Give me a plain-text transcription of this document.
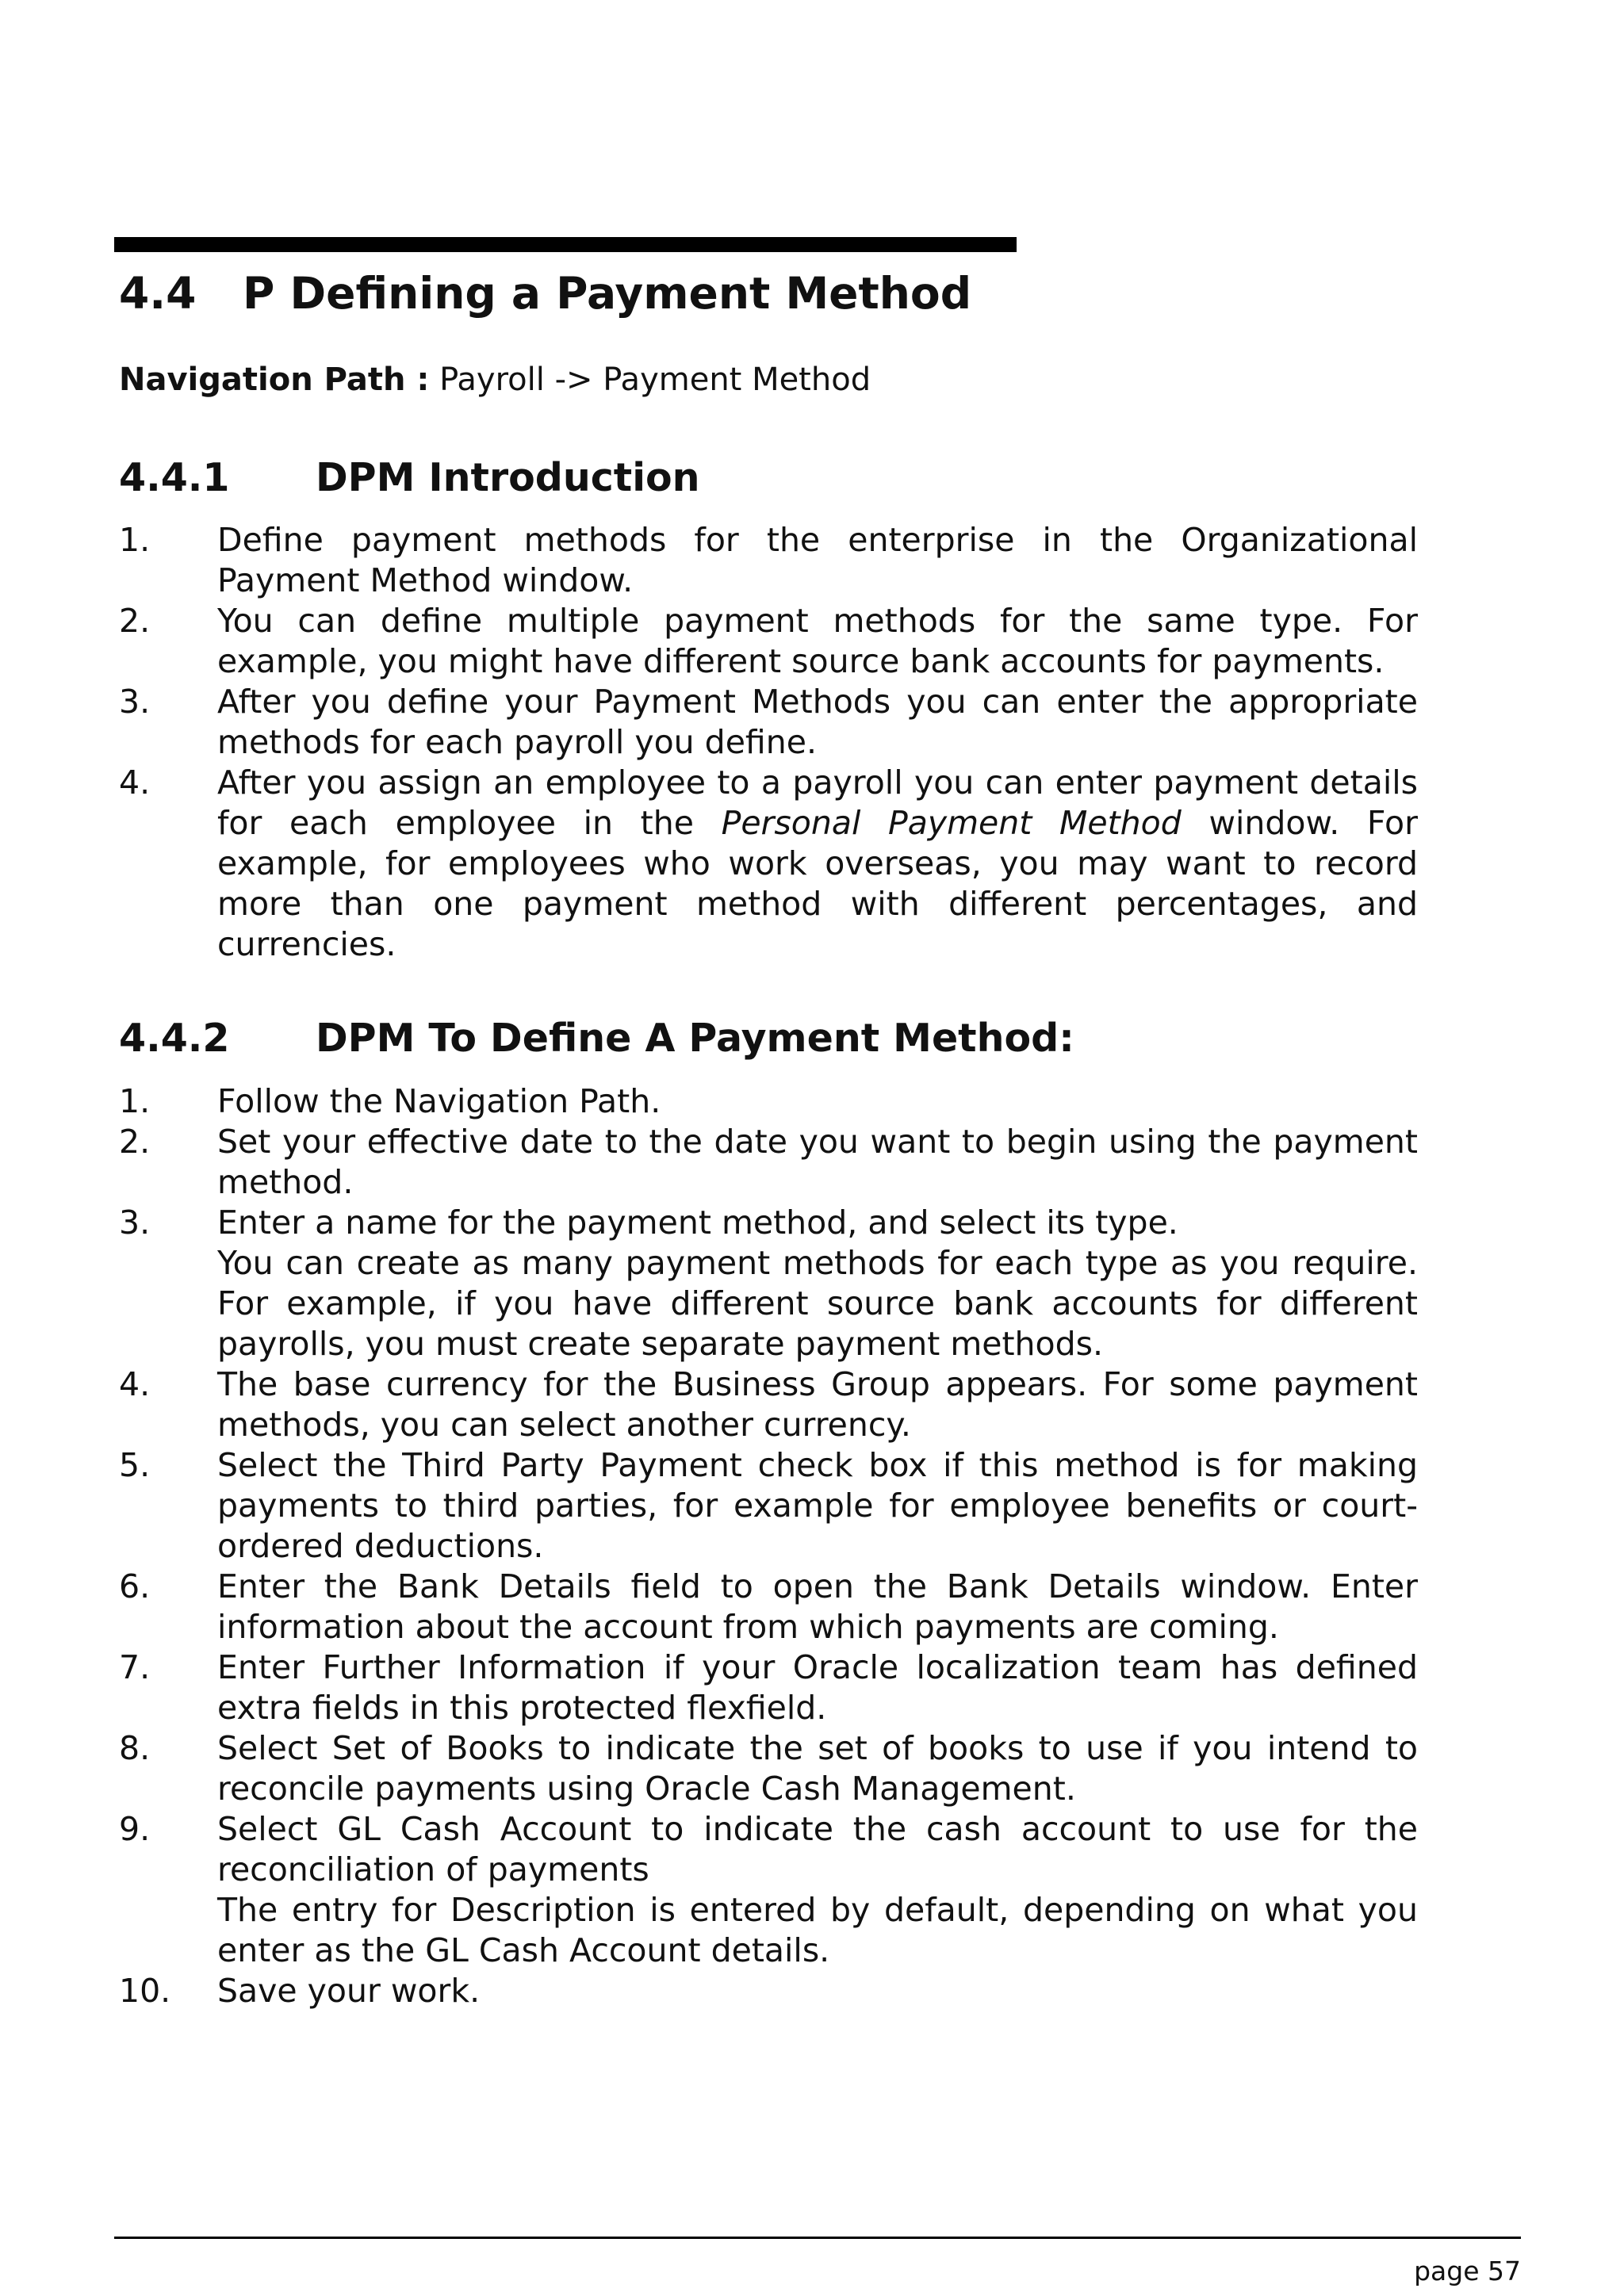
4.4 P Defining a Payment Method
Navigation Path : Payroll -> Payment Method
4.4.1 DPM Introduction
1. Define payment methods for the enterprise in the Organizational Payment Method window.
2. You can define multiple payment methods for the same type. For example, you might have different source bank accounts for payments.
3. After you define your Payment Methods you can enter the appropriate methods for each payroll you define.
4. After you assign an employee to a payroll you can enter payment details for each employee in the Personal Payment Method window. For example, for employees who work overseas, you may want to record more than one payment method with different percentages, and currencies.
4.4.2 DPM To Define A Payment Method:
1. Follow the Navigation Path.
2. Set your effective date to the date you want to begin using the payment method.
3. Enter a name for the payment method, and select its type.
You can create as many payment methods for each type as you require. For example, if you have different source bank accounts for different payrolls, you must create separate payment methods.
4. The base currency for the Business Group appears. For some payment methods, you can select another currency.
5. Select the Third Party Payment check box if this method is for making payments to third parties, for example for employee benefits or court-ordered deductions.
6. Enter the Bank Details field to open the Bank Details window. Enter information about the account from which payments are coming.
7. Enter Further Information if your Oracle localization team has defined extra fields in this protected flexfield.
8. Select Set of Books to indicate the set of books to use if you intend to reconcile payments using Oracle Cash Management.
9. Select GL Cash Account to indicate the cash account to use for the reconciliation of payments
The entry for Description is entered by default, depending on what you enter as the GL Cash Account details.
10. Save your work.
page 57
